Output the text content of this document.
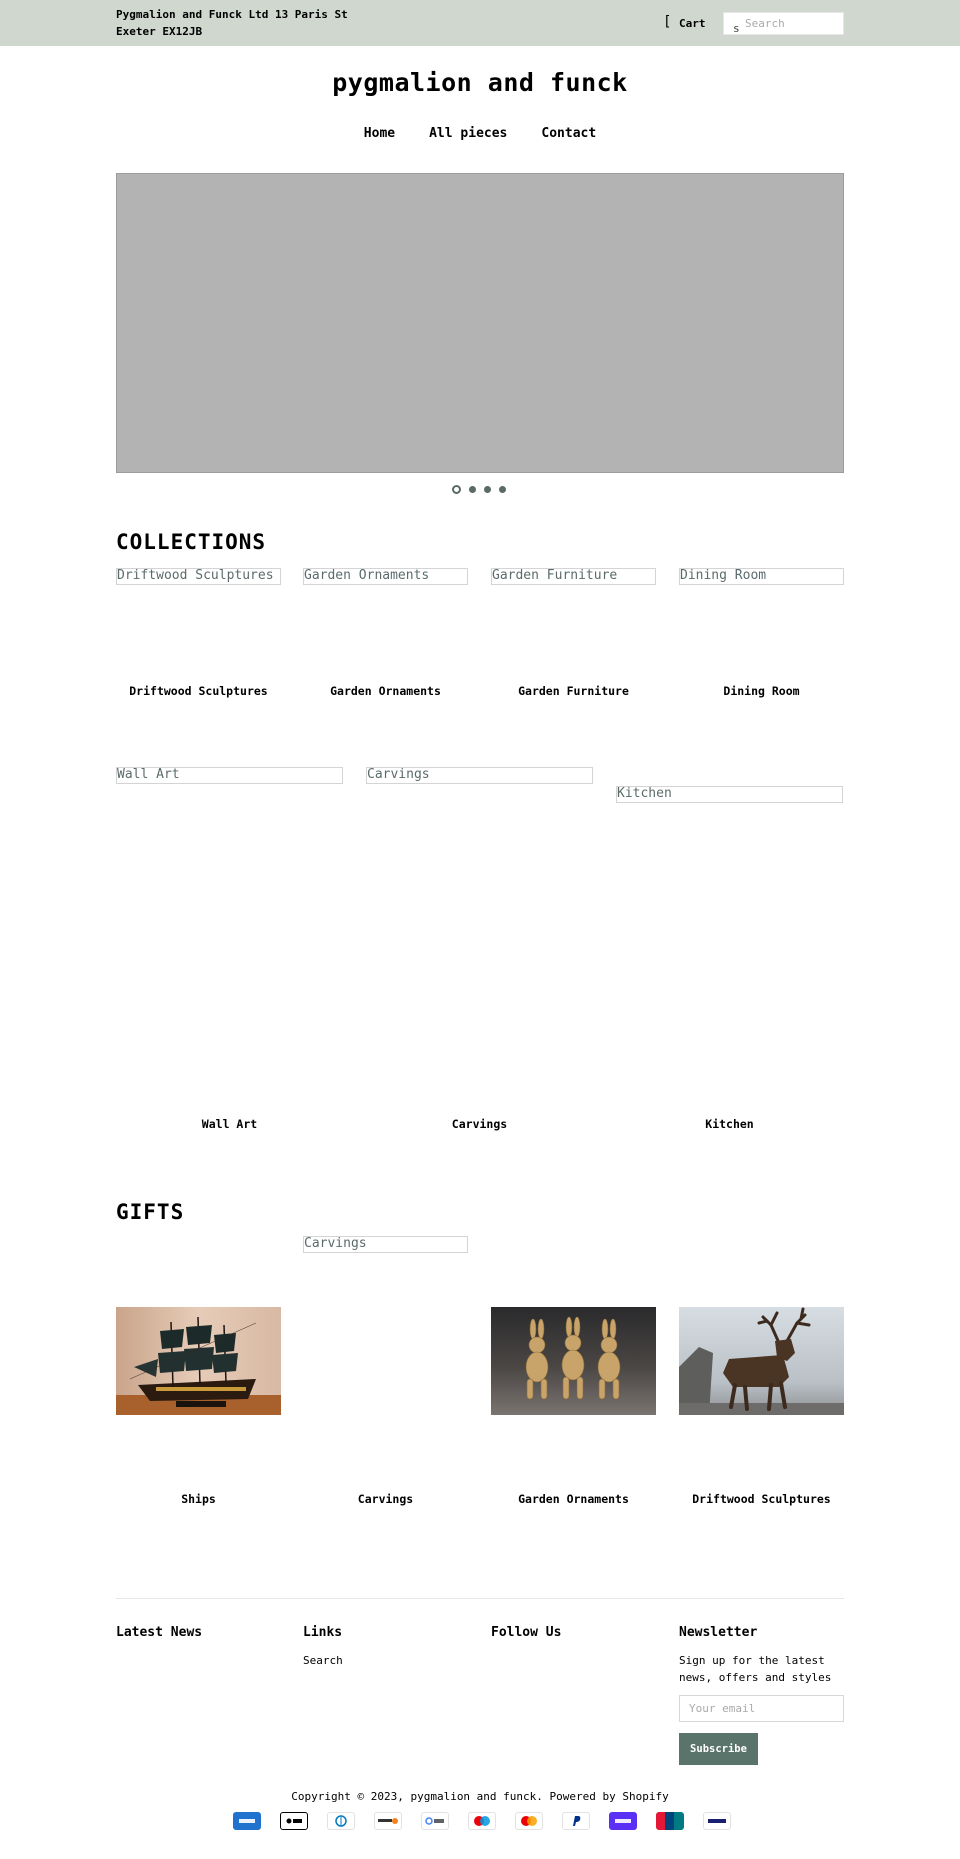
Pygmalion and Funck Ltd 13 Paris St
Exeter EX12JB
[ Cart	s
Search
pygmalion and funck
Home	All pieces	Contact
COLLECTIONS
Driftwood Sculptures	Garden Ornaments	Garden Furniture	Dining Room
Driftwood Sculptures	Garden Ornaments	Garden Furniture	Dining Room
Wall Art	Carvings
Kitchen
Wall Art	Carvings	Kitchen
GIFTS
Carvings
Ships	Carvings	Garden Ornaments	Driftwood Sculptures
Latest News	Links
Search
Follow Us	Newsletter
Sign up for the latest news, offers and styles
Your email
Subscribe
Copyright © 2023, pygmalion and funck. Powered by Shopify
